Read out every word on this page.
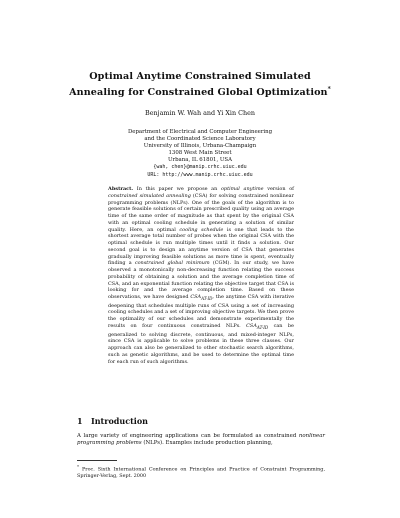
Optimal Anytime Constrained Simulated
Annealing for Constrained Global Optimization*
Benjamin W. Wah and Yi Xin Chen
Department of Electrical and Computer Engineering
and the Coordinated Science Laboratory
University of Illinois, Urbana-Champaign
1308 West Main Street
Urbana, IL 61801, USA
{wah, chen}@manip.crhc.uiuc.edu
URL: http://www.manip.crhc.uiuc.edu
Abstract. In this paper we propose an optimal anytime version of constrained simulated annealing (CSA) for solving constrained nonlinear programming problems (NLPs). One of the goals of the algorithm is to generate feasible solutions of certain prescribed quality using an average time of the same order of magnitude as that spent by the original CSA with an optimal cooling schedule in generating a solution of similar quality. Here, an optimal cooling schedule is one that leads to the shortest average total number of probes when the original CSA with the optimal schedule is run multiple times until it finds a solution. Our second goal is to design an anytime version of CSA that generates gradually improving feasible solutions as more time is spent, eventually finding a constrained global minimum (CGM). In our study, we have observed a monotonically non-decreasing function relating the success probability of obtaining a solution and the average completion time of CSA, and an exponential function relating the objective target that CSA is looking for and the average completion time. Based on these observations, we have designed $CSA_{AT-ID}$, the anytime CSA with iterative deepening that schedules multiple runs of CSA using a set of increasing cooling schedules and a set of improving objective targets. We then prove the optimality of our schedules and demonstrate experimentally the results on four continuous constrained NLPs. $CSA_{AT-ID}$ can be generalized to solving discrete, continuous, and mixed-integer NLPs, since CSA is applicable to solve problems in these three classes. Our approach can also be generalized to other stochastic search algorithms, such as genetic algorithms, and be used to determine the optimal time for each run of such algorithms.
1 Introduction
A large variety of engineering applications can be formulated as constrained nonlinear programming problems (NLPs). Examples include production planning,
* Proc. Sixth International Conference on Principles and Practice of Constraint Programming, Springer-Verlag, Sept. 2000
